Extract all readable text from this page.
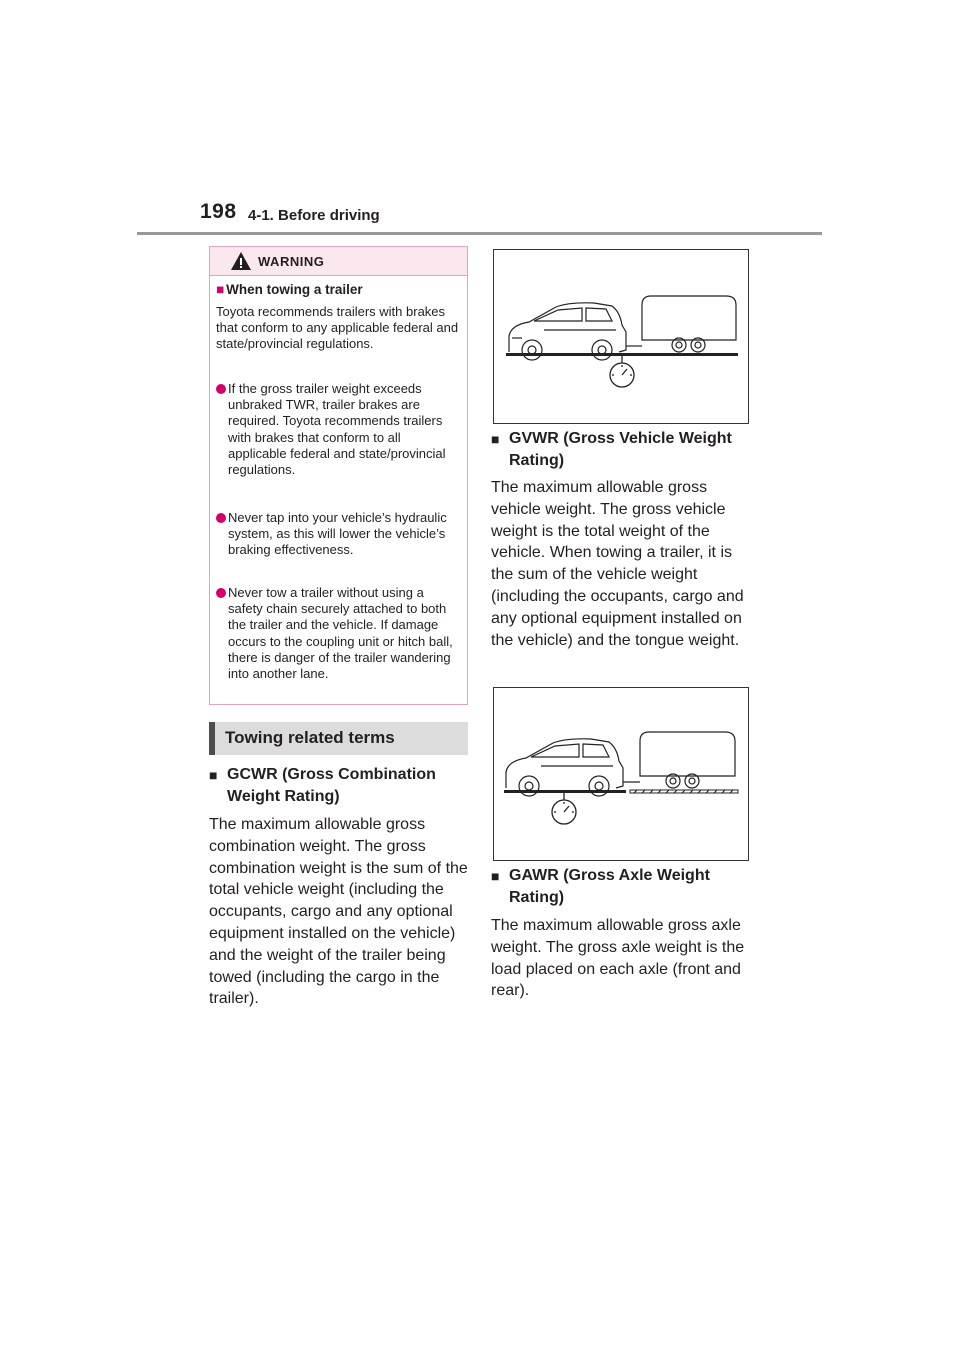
198 4-1. Before driving
WARNING
■ When towing a trailer
Toyota recommends trailers with brakes that conform to any applicable federal and state/provincial regulations.
If the gross trailer weight exceeds unbraked TWR, trailer brakes are required. Toyota recommends trailers with brakes that conform to all applicable federal and state/provincial regulations.
Never tap into your vehicle’s hydraulic system, as this will lower the vehicle’s braking effectiveness.
Never tow a trailer without using a safety chain securely attached to both the trailer and the vehicle. If damage occurs to the coupling unit or hitch ball, there is danger of the trailer wandering into another lane.
Towing related terms
■ GCWR (Gross Combination Weight Rating)
The maximum allowable gross combination weight. The gross combination weight is the sum of the total vehicle weight (including the occupants, cargo and any optional equipment installed on the vehicle) and the weight of the trailer being towed (including the cargo in the trailer).
■ GVWR (Gross Vehicle Weight Rating)
The maximum allowable gross vehicle weight. The gross vehicle weight is the total weight of the vehicle. When towing a trailer, it is the sum of the vehicle weight (including the occupants, cargo and any optional equipment installed on the vehicle) and the tongue weight.
■ GAWR (Gross Axle Weight Rating)
The maximum allowable gross axle weight. The gross axle weight is the load placed on each axle (front and rear).
